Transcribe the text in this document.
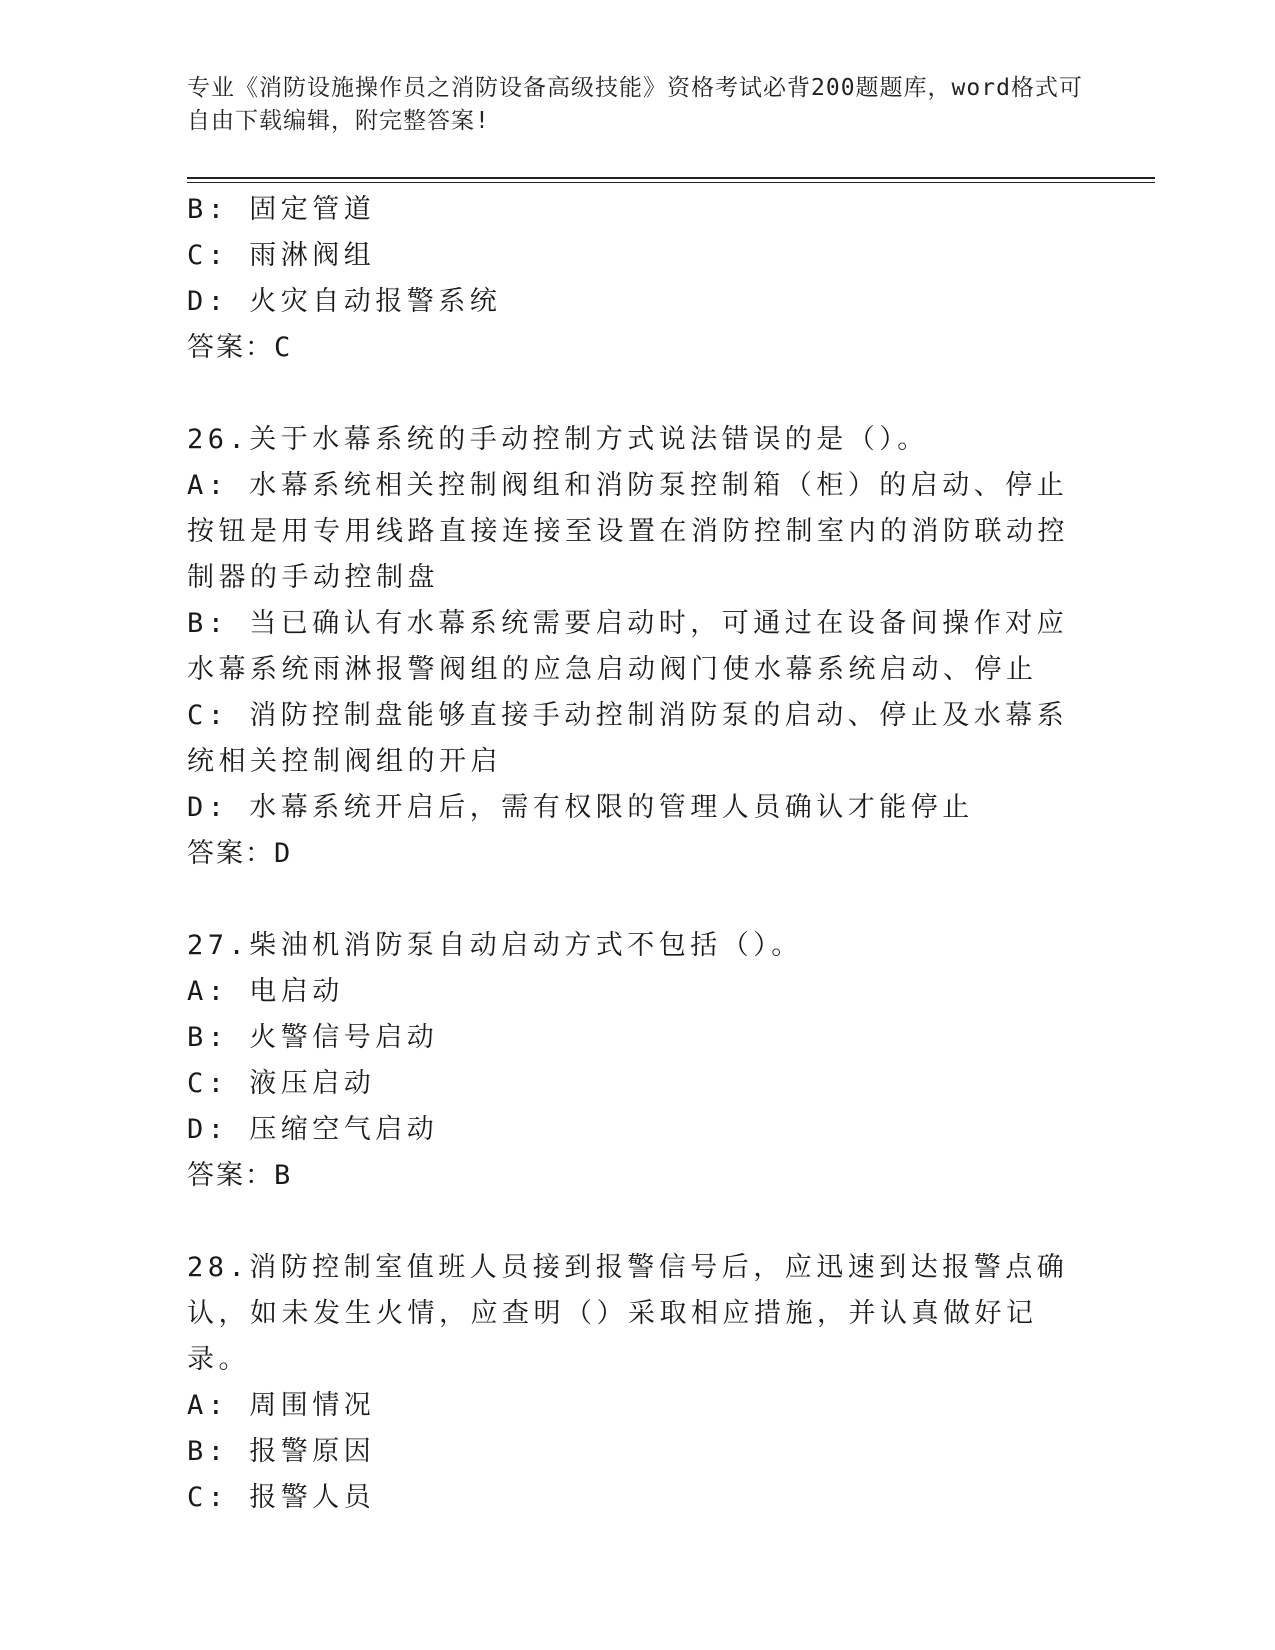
专业《消防设施操作员之消防设备高级技能》资格考试必背200题题库，word格式可自由下载编辑，附完整答案!

B: 固定管道

C: 雨淋阀组

D: 火灾自动报警系统

答案：C

26.关于水幕系统的手动控制方式说法错误的是（）。

A: 水幕系统相关控制阀组和消防泵控制箱（柜）的启动、停止按钮是用专用线路直接连接至设置在消防控制室内的消防联动控制器的手动控制盘

B: 当已确认有水幕系统需要启动时，可通过在设备间操作对应水幕系统雨淋报警阀组的应急启动阀门使水幕系统启动、停止

C: 消防控制盘能够直接手动控制消防泵的启动、停止及水幕系统相关控制阀组的开启

D: 水幕系统开启后，需有权限的管理人员确认才能停止

答案：D

27.柴油机消防泵自动启动方式不包括（）。

A: 电启动

B: 火警信号启动

C: 液压启动

D: 压缩空气启动

答案：B

28.消防控制室值班人员接到报警信号后，应迅速到达报警点确认，如未发生火情，应查明（）采取相应措施，并认真做好记录。

A: 周围情况

B: 报警原因

C: 报警人员
